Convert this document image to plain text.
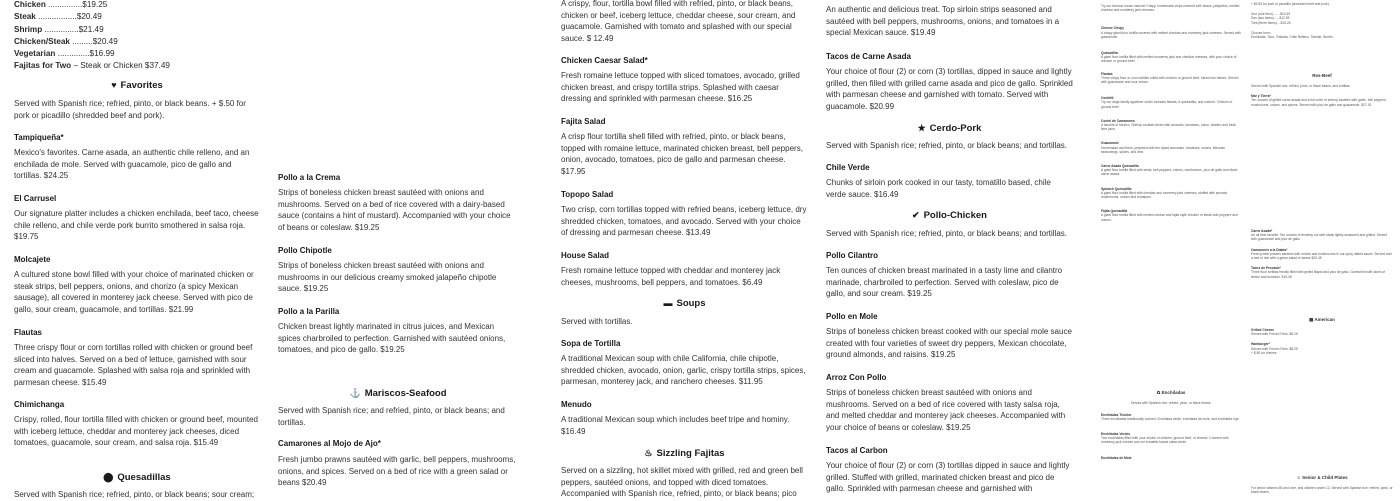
Chicken ...............$19.25
Steak .................$20.49
Shrimp ...............$21.49
Chicken/Steak .........$20.49
Vegetarian ..............$16.99
Fajitas for Two – Steak or Chicken $37.49
♥ Favorites

Served with Spanish rice; refried, pinto, or black beans. + $.50 for pork or picadillo (shredded beef and pork).

Tampiqueña*

Mexico's favorites. Carne asada, an authentic chile relleno, and an enchilada de mole. Served with guacamole, pico de gallo and tortillas. $24.25

El Carrusel

Our signature platter includes a chicken enchilada, beef taco, cheese chile relleno, and chile verde pork burrito smothered in salsa roja. $19.75

Molcajete

A cultured stone bowl filled with your choice of marinated chicken or steak strips, bell peppers, onions, and chorizo (a spicy Mexican sausage), all covered in monterey jack cheese. Served with pico de gallo, sour cream, guacamole, and tortillas. $21.99

Flautas

Three crispy flour or corn tortillas rolled with chicken or ground beef sliced into halves. Served on a bed of lettuce, garnished with sour cream and guacamole. Splashed with salsa roja and sprinkled with parmesan cheese. $15.49

Chimichanga

Crispy, rolled, flour tortilla filled with chicken or ground beef, mounted with iceberg lettuce, cheddar and monterey jack cheeses, diced tomatoes, guacamole, sour cream, and salsa roja. $15.49

⬤ Quesadillas

Served with Spanish rice; refried, pinto, or black beans; sour cream;

Pollo a la Crema

Strips of boneless chicken breast sautéed with onions and mushrooms. Served on a bed of rice covered with a dairy-based sauce (contains a hint of mustard). Accompanied with your choice of beans or coleslaw. $19.25

Pollo Chipotle

Strips of boneless chicken breast sautéed with onions and mushrooms in our delicious creamy smoked jalapeño chipotle sauce. $19.25

Pollo a la Parilla

Chicken breast lightly marinated in citrus juices, and Mexican spices charbroiled to perfection. Garnished with sautéed onions, tomatoes, and pico de gallo. $19.25

⚓ Mariscos-Seafood

Served with Spanish rice; and refried, pinto, or black beans; and tortillas.

Camarones al Mojo de Ajo*

Fresh jumbo prawns sautéed with garlic, bell peppers, mushrooms, onions, and spices. Served on a bed of rice with a green salad or beans $20.49

A crispy, flour, tortilla bowl filled with refried, pinto, or black beans, chicken or beef, iceberg lettuce, cheddar cheese, sour cream, and guacamole. Garnished with tomato and splashed with our special sauce. $ 12.49

Chicken Caesar Salad*

Fresh romaine lettuce topped with sliced tomatoes, avocado, grilled chicken breast, and crispy tortilla strips. Splashed with caesar dressing and sprinkled with parmesan cheese. $16.25

Fajita Salad

A crisp flour tortilla shell filled with refried, pinto, or black beans, topped with romaine lettuce, marinated chicken breast, bell peppers, onion, avocado, tomatoes, pico de gallo and parmesan cheese. $17.95

Topopo Salad

Two crisp, corn tortillas topped with refried beans, iceberg lettuce, dry shredded chicken, tomatoes, and avocado. Served with your choice of dressing and parmesan cheese. $13.49

House Salad

Fresh romaine lettuce topped with cheddar and monterey jack cheeses, mushrooms, bell peppers, and tomatoes. $6.49

▬ Soups

Served with tortillas.

Sopa de Tortilla

A traditional Mexican soup with chile California, chile chipotle, shredded chicken, avocado, onion, garlic, crispy tortilla strips, spices, parmesan, monterey jack, and ranchero cheeses. $11.95

Menudo

A traditional Mexican soup which includes beef tripe and hominy. $16.49

♨ Sizzling Fajitas

Served on a sizzling, hot skillet mixed with grilled, red and green bell peppers, sautéed onions, and topped with diced tomatoes. Accompanied with Spanish rice, refried, pinto, or black beans; pico

An authentic and delicious treat. Top sirloin strips seasoned and sautéed with bell peppers, mushrooms, onions, and tomatoes in a special Mexican sauce. $19.49

Tacos de Carne Asada

Your choice of flour (2) or corn (3) tortillas, dipped in sauce and lightly grilled, then filled with grilled carne asada and pico de gallo. Sprinkled with parmesan cheese and garnished with tomato. Served with guacamole. $20.99

★ Cerdo-Pork

Served with Spanish rice; refried, pinto, or black beans; and tortillas.

Chile Verde

Chunks of sirloin pork cooked in our tasty, tomatillo based, chile verde sauce. $16.49

✔ Pollo-Chicken

Served with Spanish rice; refried, pinto, or black beans; and tortillas.

Pollo Cilantro

Ten ounces of chicken breast marinated in a tasty lime and cilantro marinade, charbroiled to perfection. Served with coleslaw, pico de gallo, and sour cream. $19.25

Pollo en Mole

Strips of boneless chicken breast cooked with our special mole sauce created with four varieties of sweet dry peppers, Mexican chocolate, ground almonds, and raisins. $19.25

Arroz Con Pollo

Strips of boneless chicken breast sautéed with onions and mushrooms. Served on a bed of rice covered with tasty salsa roja, and melted cheddar and monterey jack cheeses. Accompanied with your choice of beans or coleslaw. $19.25

Tacos al Carbon

Your choice of flour (2) or corn (3) tortillas dipped in sauce and lightly grilled. Stuffed with grilled, marinated chicken breast and pico de gallo. Sprinkled with parmesan cheese and garnished with

Try our famous house nachos! Crispy, homemade chips covered with beans, jalapeños, melted cheddar and monterey jack cheeses.
Cheese Crispy
A crispy giant flour tortilla covered with melted cheddar and monterey jack cheeses. Served with guacamole.
Quesadilla
A giant flour tortilla filled with melted monterey jack and cheddar cheeses, with your choice of chicken or ground beef.
Flautas
Three crispy flour or corn tortillas rolled with chicken or ground beef, sliced into halves. Served with guacamole and sour cream.
Confetti
Try our large family appetizer which includes flautas, a quesadilla, and nachos. Chicken or ground beef.
Coctel de Camarones
A favorite in Mexico. Shrimp cocktail mixed with avocado, tomatoes, onion, cilantro and fresh lime juice.
Guacamole
Homemade and fresh, prepared with the ripest avocados, tomatoes, onions, Mexican seasonings, spices, and lime.
Carne Asada Quesadilla
A giant flour tortilla filled with steak, bell peppers, onions, mushrooms, pico de gallo and diced carne asada.
Spinach Quesadilla
A giant flour tortilla filled with cheddar and monterey jack cheeses, stuffed with spinach, mushrooms, onions and tomatoes.
Fajita Quesadilla
A giant flour tortilla filled with melted cheese and fajita style chicken or steak with peppers and onions.
✿ Enchiladas
Served with Spanish rice; refried, pinto, or black beans.
Enchiladas Tricolor
Three enchiladas traditionally colored. Enchilada verde, enchilada de mole, and enchilada roja.
Enchiladas Verdes
Two enchiladas filled with your choice of chicken, ground beef, or cheese. Covered with monterey jack cheese and our tomatillo based salsa verde.
Enchiladas de Mole
+ $3.50 for pork or picadillo (shredded beef and pork).
Uno (one item)........$10.49
Dos (two items)......$12.99
Tres (three items)....$15.25
Choose from:
Enchilada, Taco, Tostada, Chile Relleno, Tamale, Burrito
Res-Beef
Served with Spanish rice; refried, pinto, or black beans, and tortillas.
Mar y Tierra*
Ten ounces of grilled carne asada and a full order of shrimp sautéed with garlic, bell peppers, mushrooms, onions, and spices. Served with pico de gallo and guacamole. $27.15
Carne Asada*
An all time favorite. Ten ounces of tenderly cut skirt steak lightly seasoned and grilled. Served with guacamole and pico de gallo.
Camarones a la Diabla*
Fresh jumbo prawns sautéed with onions and mushrooms in our spicy diabla sauce. Served over a bed of rice with a green salad or beans $20.49
Tacos de Pescado*
Three flour tortillas freshly filled with grilled tilapia and pico de gallo. Garnished with slices of lemon and avocado. $19.49
▦ American
Grilled Cheese
Served with French Fries. $6.25
Hamburger*
Served with French Fries. $8.25
+ $.50 for cheese
☺ Senior & Child Plates
For senior citizens 65 and over, and children under 12. Served with Spanish rice; refried, pinto, or black beans.
